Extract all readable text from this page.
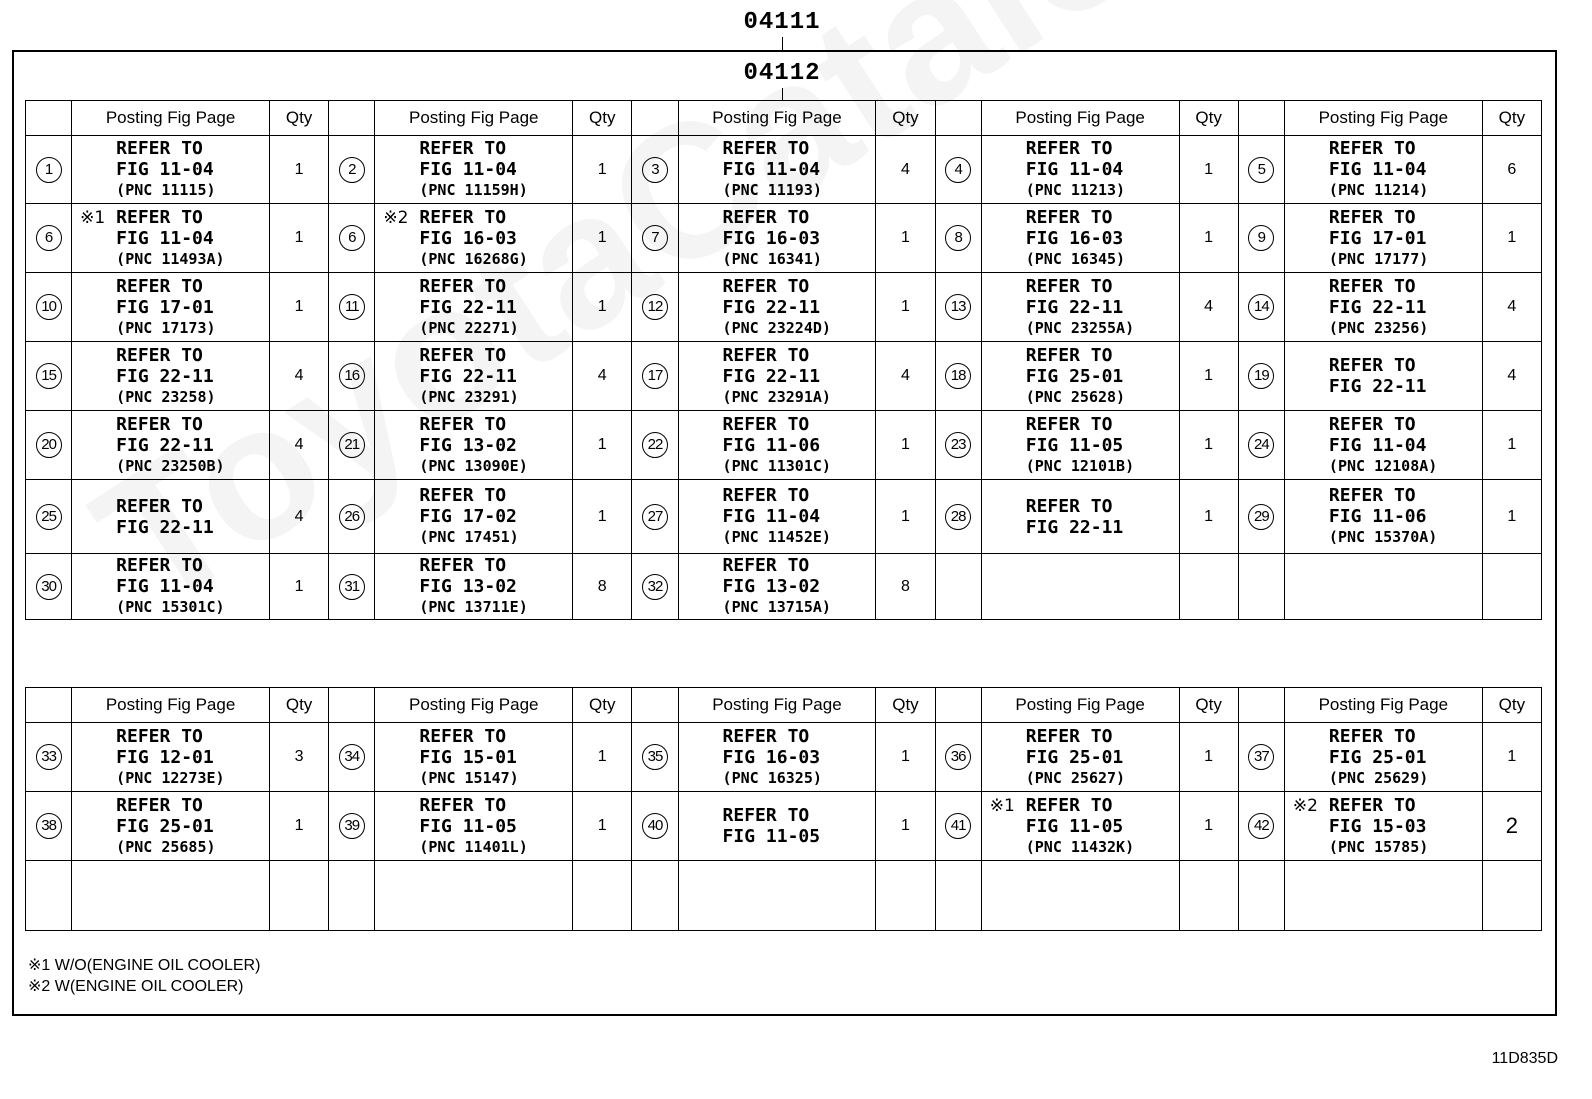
04111
04112
	Posting Fig Page	Qty		Posting Fig Page	Qty		Posting Fig Page	Qty		Posting Fig Page	Qty		Posting Fig Page	Qty
1	REFER TO
FIG 11-04
(PNC 11115)	1	2	REFER TO
FIG 11-04
(PNC 11159H)	1	3	REFER TO
FIG 11-04
(PNC 11193)	4	4	REFER TO
FIG 11-04
(PNC 11213)	1	5	REFER TO
FIG 11-04
(PNC 11214)	6
6	※1 REFER TO
FIG 11-04
(PNC 11493A)	1	6	※2 REFER TO
FIG 16-03
(PNC 16268G)	1	7	REFER TO
FIG 16-03
(PNC 16341)	1	8	REFER TO
FIG 16-03
(PNC 16345)	1	9	REFER TO
FIG 17-01
(PNC 17177)	1
10	REFER TO
FIG 17-01
(PNC 17173)	1	11	REFER TO
FIG 22-11
(PNC 22271)	1	12	REFER TO
FIG 22-11
(PNC 23224D)	1	13	REFER TO
FIG 22-11
(PNC 23255A)	4	14	REFER TO
FIG 22-11
(PNC 23256)	4
15	REFER TO
FIG 22-11
(PNC 23258)	4	16	REFER TO
FIG 22-11
(PNC 23291)	4	17	REFER TO
FIG 22-11
(PNC 23291A)	4	18	REFER TO
FIG 25-01
(PNC 25628)	1	19	REFER TO
FIG 22-11	4
20	REFER TO
FIG 22-11
(PNC 23250B)	4	21	REFER TO
FIG 13-02
(PNC 13090E)	1	22	REFER TO
FIG 11-06
(PNC 11301C)	1	23	REFER TO
FIG 11-05
(PNC 12101B)	1	24	REFER TO
FIG 11-04
(PNC 12108A)	1
25	REFER TO
FIG 22-11	4	26	REFER TO
FIG 17-02
(PNC 17451)	1	27	REFER TO
FIG 11-04
(PNC 11452E)	1	28	REFER TO
FIG 22-11	1	29	REFER TO
FIG 11-06
(PNC 15370A)	1
30	REFER TO
FIG 11-04
(PNC 15301C)	1	31	REFER TO
FIG 13-02
(PNC 13711E)	8	32	REFER TO
FIG 13-02
(PNC 13715A)	8						
	Posting Fig Page	Qty		Posting Fig Page	Qty		Posting Fig Page	Qty		Posting Fig Page	Qty		Posting Fig Page	Qty
33	REFER TO
FIG 12-01
(PNC 12273E)	3	34	REFER TO
FIG 15-01
(PNC 15147)	1	35	REFER TO
FIG 16-03
(PNC 16325)	1	36	REFER TO
FIG 25-01
(PNC 25627)	1	37	REFER TO
FIG 25-01
(PNC 25629)	1
38	REFER TO
FIG 25-01
(PNC 25685)	1	39	REFER TO
FIG 11-05
(PNC 11401L)	1	40	REFER TO
FIG 11-05	1	41	※1 REFER TO
FIG 11-05
(PNC 11432K)	1	42	※2 REFER TO
FIG 15-03
(PNC 15785)	2

※1 W/O(ENGINE OIL COOLER)
※2 W(ENGINE OIL COOLER)
11D835D
